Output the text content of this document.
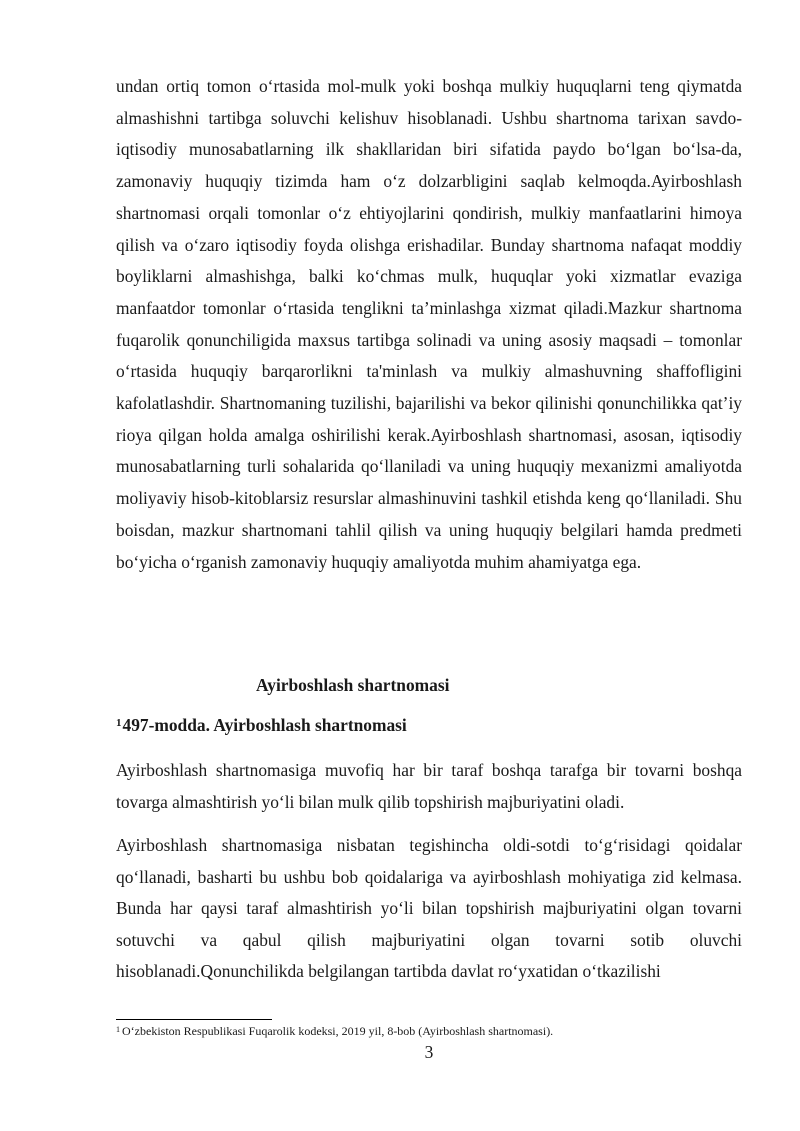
undan ortiq tomon o‘rtasida mol-mulk yoki boshqa mulkiy huquqlarni teng qiymatda almashishni tartibga soluvchi kelishuv hisoblanadi. Ushbu shartnoma tarixan savdo-iqtisodiy munosabatlarning ilk shakllaridan biri sifatida paydo bo‘lgan bo‘lsa-da, zamonaviy huquqiy tizimda ham o‘z dolzarbligini saqlab kelmoqda.Ayirboshlash shartnomasi orqali tomonlar o‘z ehtiyojlarini qondirish, mulkiy manfaatlarini himoya qilish va o‘zaro iqtisodiy foyda olishga erishadilar. Bunday shartnoma nafaqat moddiy boyliklarni almashishga, balki ko‘chmas mulk, huquqlar yoki xizmatlar evaziga manfaatdor tomonlar o‘rtasida tenglikni ta’minlashga xizmat qiladi.Mazkur shartnoma fuqarolik qonunchiligida maxsus tartibga solinadi va uning asosiy maqsadi – tomonlar o‘rtasida huquqiy barqarorlikni ta'minlash va mulkiy almashuvning shaffofligini kafolatlashdir. Shartnomaning tuzilishi, bajarilishi va bekor qilinishi qonunchilikka qat’iy rioya qilgan holda amalga oshirilishi kerak.Ayirboshlash shartnomasi, asosan, iqtisodiy munosabatlarning turli sohalarida qo‘llaniladi va uning huquqiy mexanizmi amaliyotda moliyaviy hisob-kitoblarsiz resurslar almashinuvini tashkil etishda keng qo‘llaniladi. Shu boisdan, mazkur shartnomani tahlil qilish va uning huquqiy belgilari hamda predmeti bo‘yicha o‘rganish zamonaviy huquqiy amaliyotda muhim ahamiyatga ega.

Ayirboshlash shartnomasi

$^1$497-modda. Ayirboshlash shartnomasi

Ayirboshlash shartnomasiga muvofiq har bir taraf boshqa tarafga bir tovarni boshqa tovarga almashtirish yo‘li bilan mulk qilib topshirish majburiyatini oladi.

Ayirboshlash shartnomasiga nisbatan tegishincha oldi-sotdi to‘g‘risidagi qoidalar qo‘llanadi, basharti bu ushbu bob qoidalariga va ayirboshlash mohiyatiga zid kelmasa. Bunda har qaysi taraf almashtirish yo‘li bilan topshirish majburiyatini olgan tovarni sotuvchi va qabul qilish majburiyatini olgan tovarni sotib oluvchi hisoblanadi.Qonunchilikda belgilangan tartibda davlat ro‘yxatidan o‘tkazilishi

$^1$ O‘zbekiston Respublikasi Fuqarolik kodeksi, 2019 yil, 8-bob (Ayirboshlash shartnomasi).

3
